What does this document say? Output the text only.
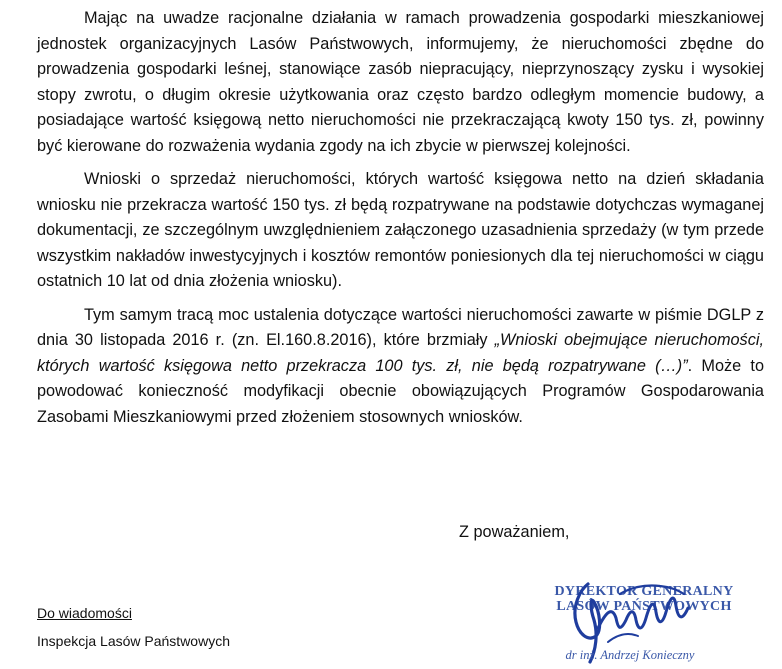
Mając na uwadze racjonalne działania w ramach prowadzenia gospodarki mieszkaniowej jednostek organizacyjnych Lasów Państwowych, informujemy, że nieruchomości zbędne do prowadzenia gospodarki leśnej, stanowiące zasób niepracujący, nieprzynoszący zysku i wysokiej stopy zwrotu, o długim okresie użytkowania oraz często bardzo odległym momencie budowy, a posiadające wartość księgową netto nieruchomości nie przekraczającą kwoty 150 tys. zł, powinny być kierowane do rozważenia wydania zgody na ich zbycie w pierwszej kolejności.

Wnioski o sprzedaż nieruchomości, których wartość księgowa netto na dzień składania wniosku nie przekracza wartość 150 tys. zł będą rozpatrywane na podstawie dotychczas wymaganej dokumentacji, ze szczególnym uwzględnieniem załączonego uzasadnienia sprzedaży (w tym przede wszystkim nakładów inwestycyjnych i kosztów remontów poniesionych dla tej nieruchomości w ciągu ostatnich 10 lat od dnia złożenia wniosku).

Tym samym tracą moc ustalenia dotyczące wartości nieruchomości zawarte w piśmie DGLP z dnia 30 listopada 2016 r. (zn. El.160.8.2016), które brzmiały „Wnioski obejmujące nieruchomości, których wartość księgowa netto przekracza 100 tys. zł, nie będą rozpatrywane (…)”. Może to powodować konieczność modyfikacji obecnie obowiązujących Programów Gospodarowania Zasobami Mieszkaniowymi przed złożeniem stosownych wniosków.

Z poważaniem,
DYREKTOR GENERALNY
LASÓW PAŃSTWOWYCH
dr inż. Andrzej Konieczny
Do wiadomości
Inspekcja Lasów Państwowych
